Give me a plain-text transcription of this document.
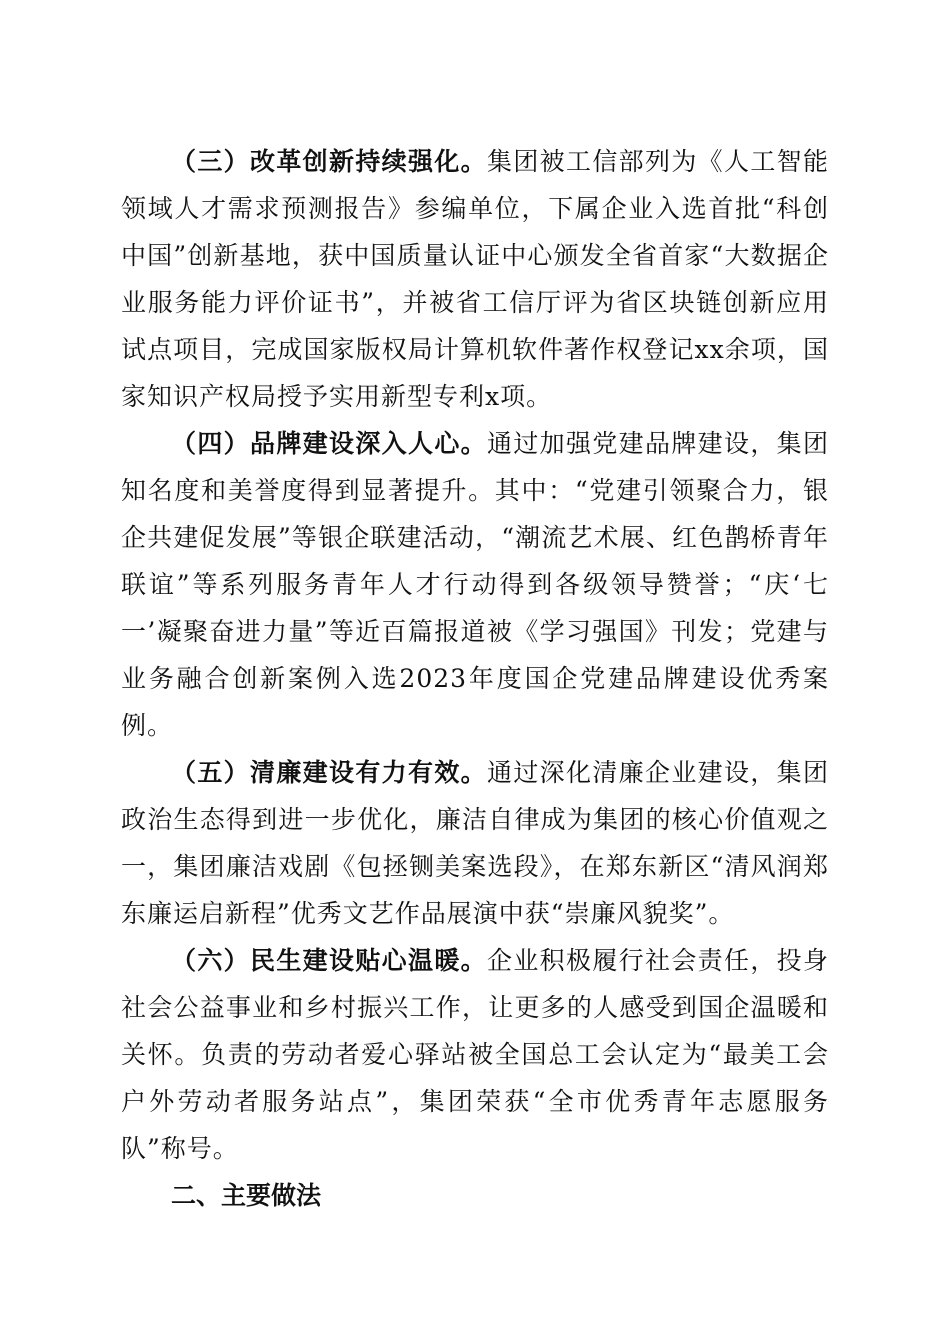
（三）改革创新持续强化。集团被工信部列为《人工智能领域人才需求预测报告》参编单位，下属企业入选首批“科创中国”创新基地，获中国质量认证中心颁发全省首家“大数据企业服务能力评价证书”，并被省工信厅评为省区块链创新应用试点项目，完成国家版权局计算机软件著作权登记xx余项，国家知识产权局授予实用新型专利x项。

（四）品牌建设深入人心。通过加强党建品牌建设，集团知名度和美誉度得到显著提升。其中：“党建引领聚合力，银企共建促发展”等银企联建活动，“潮流艺术展、红色鹊桥青年联谊”等系列服务青年人才行动得到各级领导赞誉；“庆‘七一’凝聚奋进力量”等近百篇报道被《学习强国》刊发；党建与业务融合创新案例入选2023年度国企党建品牌建设优秀案例。

（五）清廉建设有力有效。通过深化清廉企业建设，集团政治生态得到进一步优化，廉洁自律成为集团的核心价值观之一，集团廉洁戏剧《包拯铡美案选段》，在郑东新区“清风润郑东廉运启新程”优秀文艺作品展演中获“崇廉风貌奖”。

（六）民生建设贴心温暖。企业积极履行社会责任，投身社会公益事业和乡村振兴工作，让更多的人感受到国企温暖和关怀。负责的劳动者爱心驿站被全国总工会认定为“最美工会户外劳动者服务站点”，集团荣获“全市优秀青年志愿服务队”称号。

二、主要做法
